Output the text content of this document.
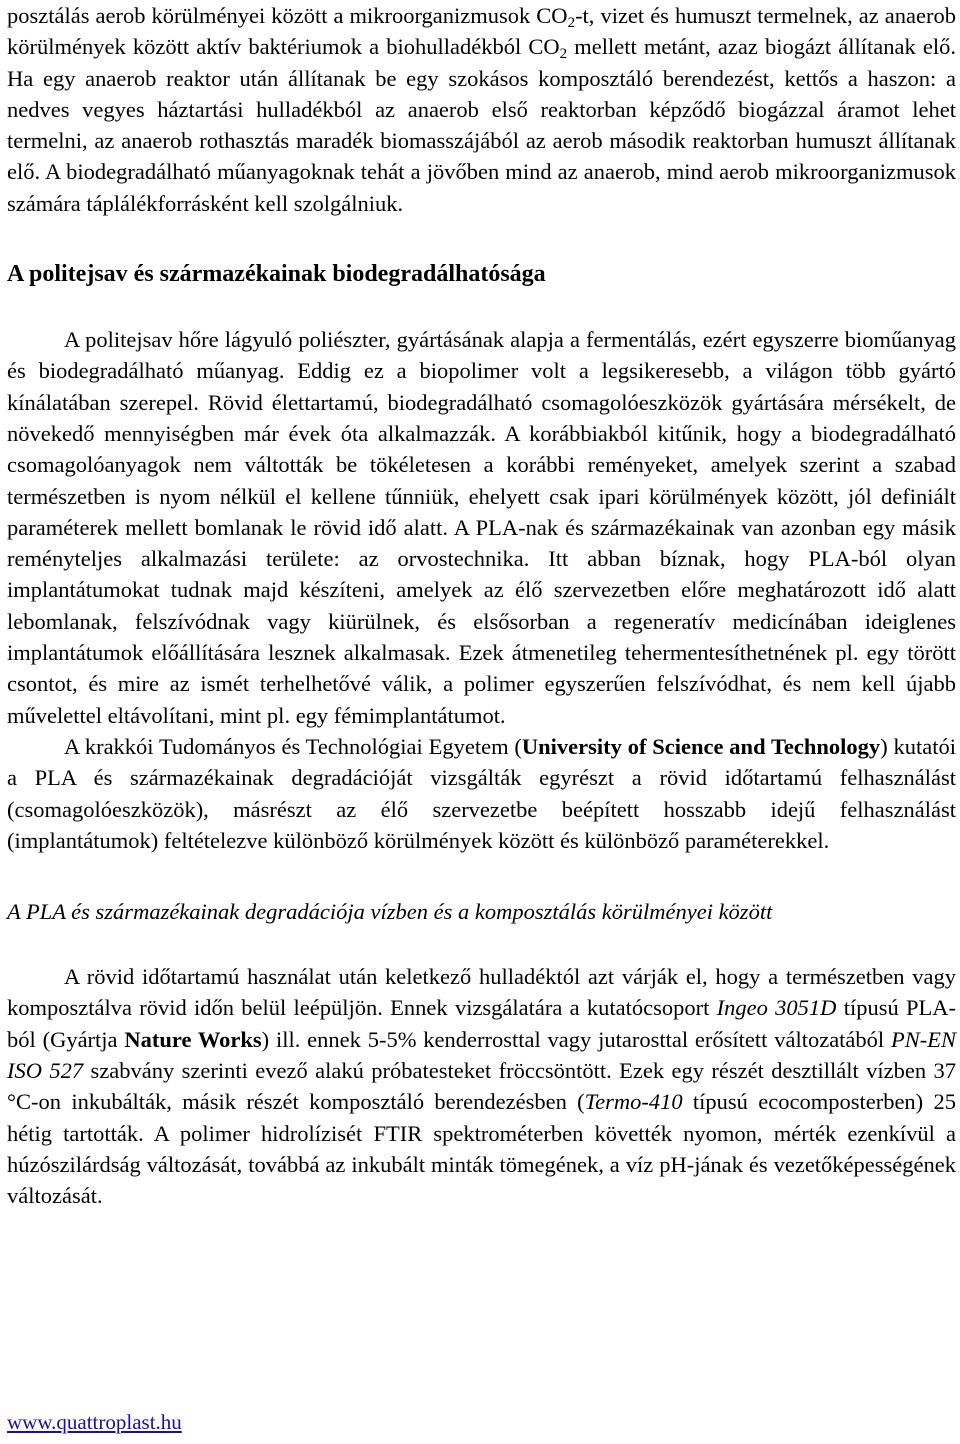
posztálás aerob körülményei között a mikroorganizmusok $CO_2-t$, vizet és humuszt termelnek, az anaerob körülmények között aktív baktériumok a biohulladékból $CO_2$ mellett metánt, azaz biogázt állítanak elő. Ha egy anaerob reaktor után állítanak be egy szokásos komposztáló berendezést, kettős a haszon: a nedves vegyes háztartási hulladékból az anaerob első reaktorban képződő biogázzal áramot lehet termelni, az anaerob rothasztás maradék biomasszájából az aerob második reaktorban humuszt állítanak elő. A biodegradálható műanyagoknak tehát a jövőben mind az anaerob, mind aerob mikroorganizmusok számára táplálékforrásként kell szolgálniuk.

A politejsav és származékainak biodegradálhatósága

A politejsav hőre lágyuló poliészter, gyártásának alapja a fermentálás, ezért egyszerre bioműanyag és biodegradálható műanyag. Eddig ez a biopolimer volt a legsikeresebb, a világon több gyártó kínálatában szerepel. Rövid élettartamú, biodegradálható csomagolóeszközök gyártására mérsékelt, de növekedő mennyiségben már évek óta alkalmazzák. A korábbiakból kitűnik, hogy a biodegradálható csomagolóanyagok nem váltották be tökéletesen a korábbi reményeket, amelyek szerint a szabad természetben is nyom nélkül el kellene tűnniük, ehelyett csak ipari körülmények között, jól definiált paraméterek mellett bomlanak le rövid idő alatt. A PLA-nak és származékainak van azonban egy másik reményteljes alkalmazási területe: az orvostechnika. Itt abban bíznak, hogy PLA-ból olyan implantátumokat tudnak majd készíteni, amelyek az élő szervezetben előre meghatározott idő alatt lebomlanak, felszívódnak vagy kiürülnek, és elsősorban a regeneratív medicínában ideiglenes implantátumok előállítására lesznek alkalmasak. Ezek átmenetileg tehermentesíthetnének pl. egy törött csontot, és mire az ismét terhelhetővé válik, a polimer egyszerűen felszívódhat, és nem kell újabb művelettel eltávolítani, mint pl. egy fémimplantátumot.

A krakkói Tudományos és Technológiai Egyetem (University of Science and Technology) kutatói a PLA és származékainak degradációját vizsgálták egyrészt a rövid időtartamú felhasználást (csomagolóeszközök), másrészt az élő szervezetbe beépített hosszabb idejű felhasználást (implantátumok) feltételezve különböző körülmények között és különböző paraméterekkel.

A PLA és származékainak degradációja vízben és a komposztálás körülményei között

A rövid időtartamú használat után keletkező hulladéktól azt várják el, hogy a természetben vagy komposztálva rövid időn belül leépüljön. Ennek vizsgálatára a kutatócsoport Ingeo 3051D típusú PLA-ból (Gyártja Nature Works) ill. ennek 5-5% kenderrosttal vagy jutarosttal erősített változatából PN-EN ISO 527 szabvány szerinti evező alakú próbatesteket fröccsöntött. Ezek egy részét desztillált vízben 37 °C-on inkubálták, másik részét komposztáló berendezésben (Termo-410 típusú ecocomposterben) 25 hétig tartották. A polimer hidrolízisét FTIR spektrométerben követték nyomon, mérték ezenkívül a húzószilárdság változását, továbbá az inkubált minták tömegének, a víz pH-jának és vezetőképességének változását.

www.quattroplast.hu
